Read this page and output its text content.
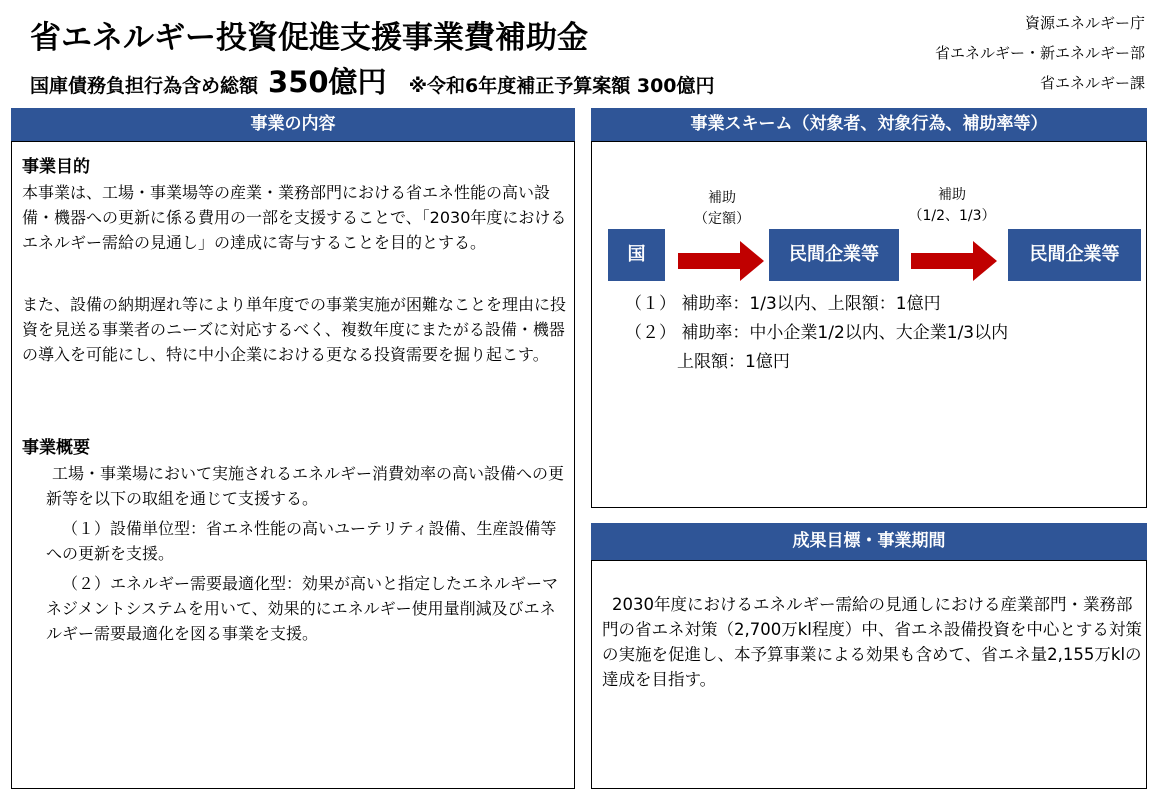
省エネルギー投資促進支援事業費補助金
国庫債務負担行為含め総額 350億円 ※令和6年度補正予算案額 300億円
資源エネルギー庁
省エネルギー・新エネルギー部
省エネルギー課
事業の内容
事業目的
本事業は、工場・事業場等の産業・業務部門における省エネ性能の高い設備・機器への更新に係る費用の一部を支援することで、「2030年度におけるエネルギー需給の見通し」の達成に寄与することを目的とする。
また、設備の納期遅れ等により単年度での事業実施が困難なことを理由に投資を見送る事業者のニーズに対応するべく、複数年度にまたがる設備・機器の導入を可能にし、特に中小企業における更なる投資需要を掘り起こす。
事業概要
工場・事業場において実施されるエネルギー消費効率の高い設備への更新等を以下の取組を通じて支援する。
（１）設備単位型：省エネ性能の高いユーテリティ設備、生産設備等への更新を支援。
（２）エネルギー需要最適化型：効果が高いと指定したエネルギーマネジメントシステムを用いて、効果的にエネルギー使用量削減及びエネルギー需要最適化を図る事業を支援。
事業スキーム（対象者、対象行為、補助率等）
補助
（定額）
補助
（1/2、1/3）
国	民間企業等	民間企業等
（１） 補助率：1/3以内、上限額：1億円
（２） 補助率：中小企業1/2以内、大企業1/3以内
上限額：1億円
成果目標・事業期間
2030年度におけるエネルギー需給の見通しにおける産業部門・業務部門の省エネ対策（2,700万kl程度）中、省エネ設備投資を中心とする対策の実施を促進し、本予算事業による効果も含めて、省エネ量2,155万klの達成を目指す。
